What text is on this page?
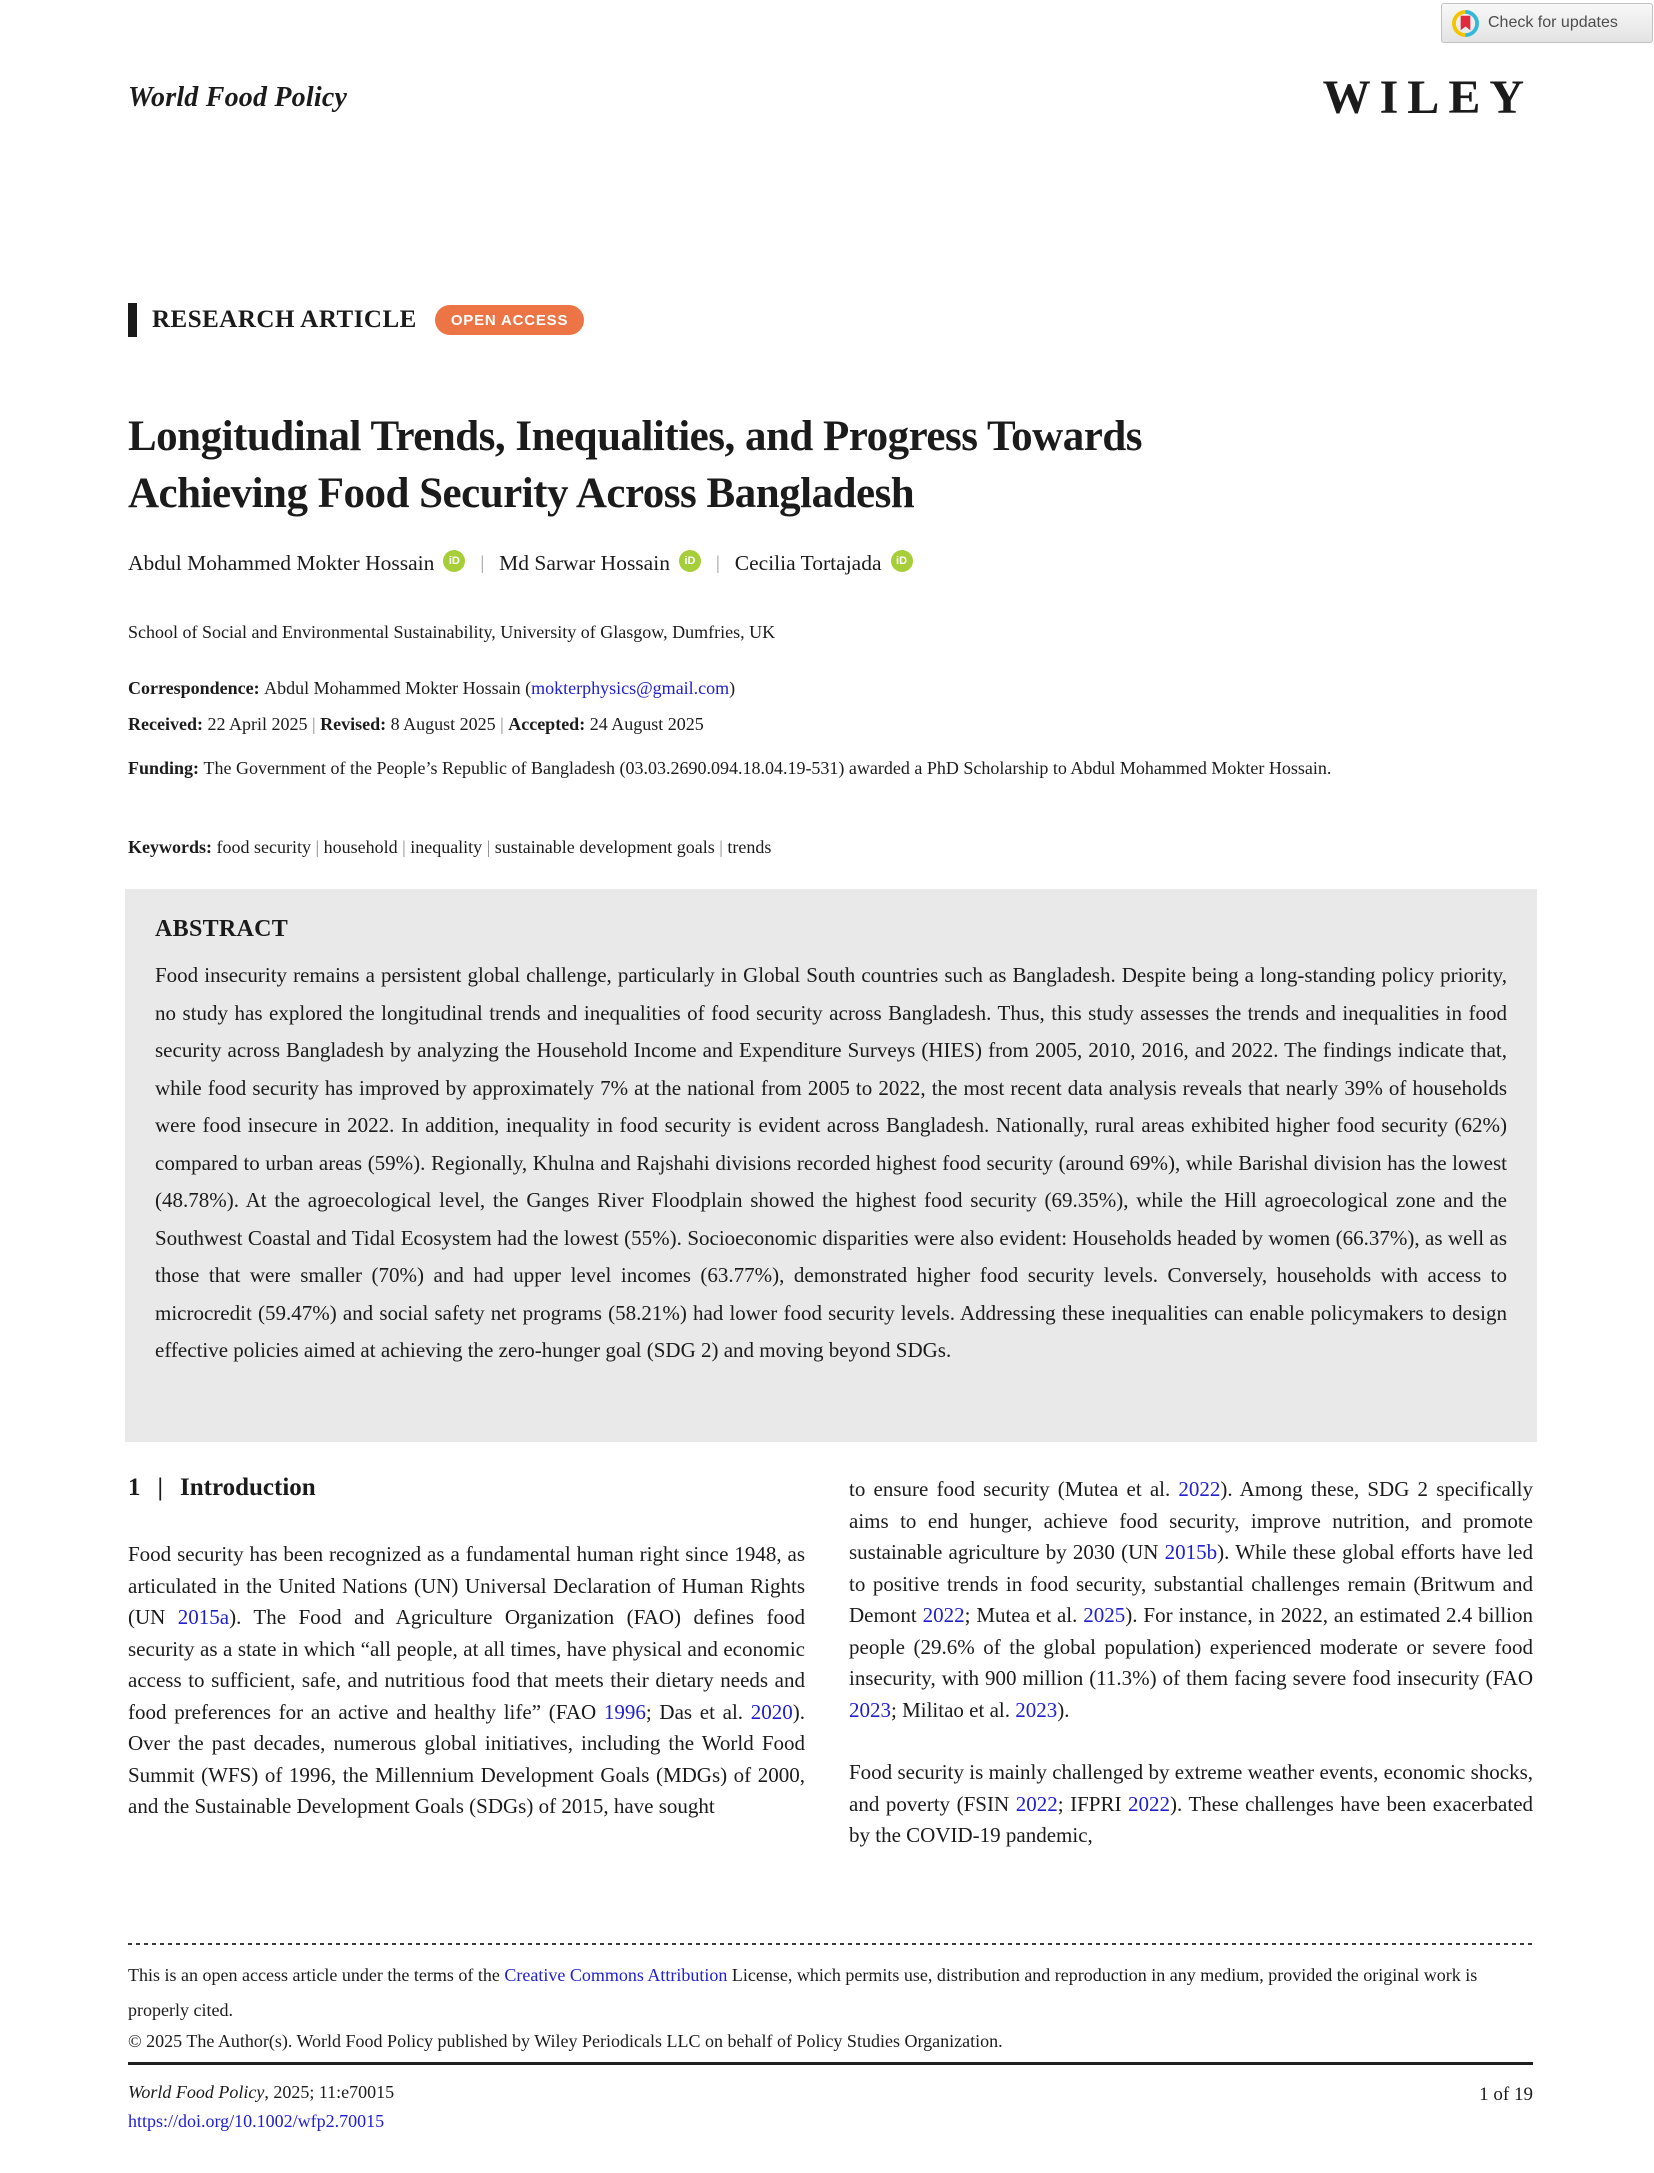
Check for updates
World Food Policy	WILEY
RESEARCH ARTICLE	OPEN ACCESS
Longitudinal Trends, Inequalities, and Progress Towards
Achieving Food Security Across Bangladesh
Abdul Mohammed Mokter Hossain	iD | Md Sarwar Hossain	iD | Cecilia Tortajada	iD
School of Social and Environmental Sustainability, University of Glasgow, Dumfries, UK
Correspondence: Abdul Mohammed Mokter Hossain (mokterphysics@gmail.com)
Received: 22 April 2025 | Revised: 8 August 2025 | Accepted: 24 August 2025
Funding: The Government of the People’s Republic of Bangladesh (03.03.2690.094.18.04.19-531) awarded a PhD Scholarship to Abdul Mohammed Mokter Hossain.
Keywords: food security | household | inequality | sustainable development goals | trends
ABSTRACT

Food insecurity remains a persistent global challenge, particularly in Global South countries such as Bangladesh. Despite being a long-standing policy priority, no study has explored the longitudinal trends and inequalities of food security across Bangladesh. Thus, this study assesses the trends and inequalities in food security across Bangladesh by analyzing the Household Income and Expenditure Surveys (HIES) from 2005, 2010, 2016, and 2022. The findings indicate that, while food security has improved by approximately 7% at the national from 2005 to 2022, the most recent data analysis reveals that nearly 39% of households were food insecure in 2022. In addition, inequality in food security is evident across Bangladesh. Nationally, rural areas exhibited higher food security (62%) compared to urban areas (59%). Regionally, Khulna and Rajshahi divisions recorded highest food security (around 69%), while Barishal division has the lowest (48.78%). At the agroecological level, the Ganges River Floodplain showed the highest food security (69.35%), while the Hill agroecological zone and the Southwest Coastal and Tidal Ecosystem had the lowest (55%). Socioeconomic disparities were also evident: Households headed by women (66.37%), as well as those that were smaller (70%) and had upper level incomes (63.77%), demonstrated higher food security levels. Conversely, households with access to microcredit (59.47%) and social safety net programs (58.21%) had lower food security levels. Addressing these inequalities can enable policymakers to design effective policies aimed at achieving the zero-hunger goal (SDG 2) and moving beyond SDGs.

1 | Introduction

Food security has been recognized as a fundamental human right since 1948, as articulated in the United Nations (UN) Universal Declaration of Human Rights (UN 2015a). The Food and Agriculture Organization (FAO) defines food security as a state in which “all people, at all times, have physical and economic access to sufficient, safe, and nutritious food that meets their dietary needs and food preferences for an active and healthy life” (FAO 1996; Das et al. 2020). Over the past decades, numerous global initiatives, including the World Food Summit (WFS) of 1996, the Millennium Development Goals (MDGs) of 2000, and the Sustainable Development Goals (SDGs) of 2015, have sought

to ensure food security (Mutea et al. 2022). Among these, SDG 2 specifically aims to end hunger, achieve food security, improve nutrition, and promote sustainable agriculture by 2030 (UN 2015b). While these global efforts have led to positive trends in food security, substantial challenges remain (Britwum and Demont 2022; Mutea et al. 2025). For instance, in 2022, an estimated 2.4 billion people (29.6% of the global population) experienced moderate or severe food insecurity, with 900 million (11.3%) of them facing severe food insecurity (FAO 2023; Militao et al. 2023).

Food security is mainly challenged by extreme weather events, economic shocks, and poverty (FSIN 2022; IFPRI 2022). These challenges have been exacerbated by the COVID-19 pandemic,

This is an open access article under the terms of the Creative Commons Attribution License, which permits use, distribution and reproduction in any medium, provided the original work is properly cited.
© 2025 The Author(s). World Food Policy published by Wiley Periodicals LLC on behalf of Policy Studies Organization.
World Food Policy, 2025; 11:e70015
https://doi.org/10.1002/wfp2.70015
1 of 19
